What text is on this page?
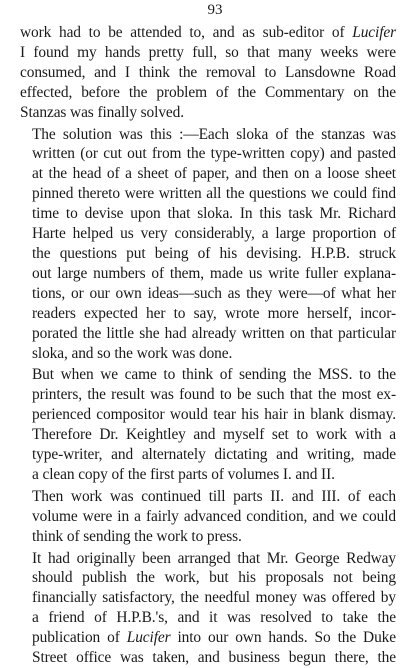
93

work had to be attended to, and as sub-editor of Lucifer
I found my hands pretty full, so that many weeks were
consumed, and I think the removal to Lansdowne Road
effected, before the problem of the Commentary on the
Stanzas was finally solved.

The solution was this :—Each sloka of the stanzas was
written (or cut out from the type-written copy) and pasted
at the head of a sheet of paper, and then on a loose sheet
pinned thereto were written all the questions we could find
time to devise upon that sloka. In this task Mr. Richard
Harte helped us very considerably, a large proportion of
the questions put being of his devising. H.P.B. struck
out large numbers of them, made us write fuller explana-
tions, or our own ideas—such as they were—of what her
readers expected her to say, wrote more herself, incor-
porated the little she had already written on that particular
sloka, and so the work was done.

But when we came to think of sending the MSS. to the
printers, the result was found to be such that the most ex-
perienced compositor would tear his hair in blank dismay.
Therefore Dr. Keightley and myself set to work with a
type-writer, and alternately dictating and writing, made
a clean copy of the first parts of volumes I. and II.

Then work was continued till parts II. and III. of each
volume were in a fairly advanced condition, and we could
think of sending the work to press.

It had originally been arranged that Mr. George Redway
should publish the work, but his proposals not being
financially satisfactory, the needful money was offered by
a friend of H.P.B.'s, and it was resolved to take the
publication of Lucifer into our own hands. So the Duke
Street office was taken, and business begun there, the
